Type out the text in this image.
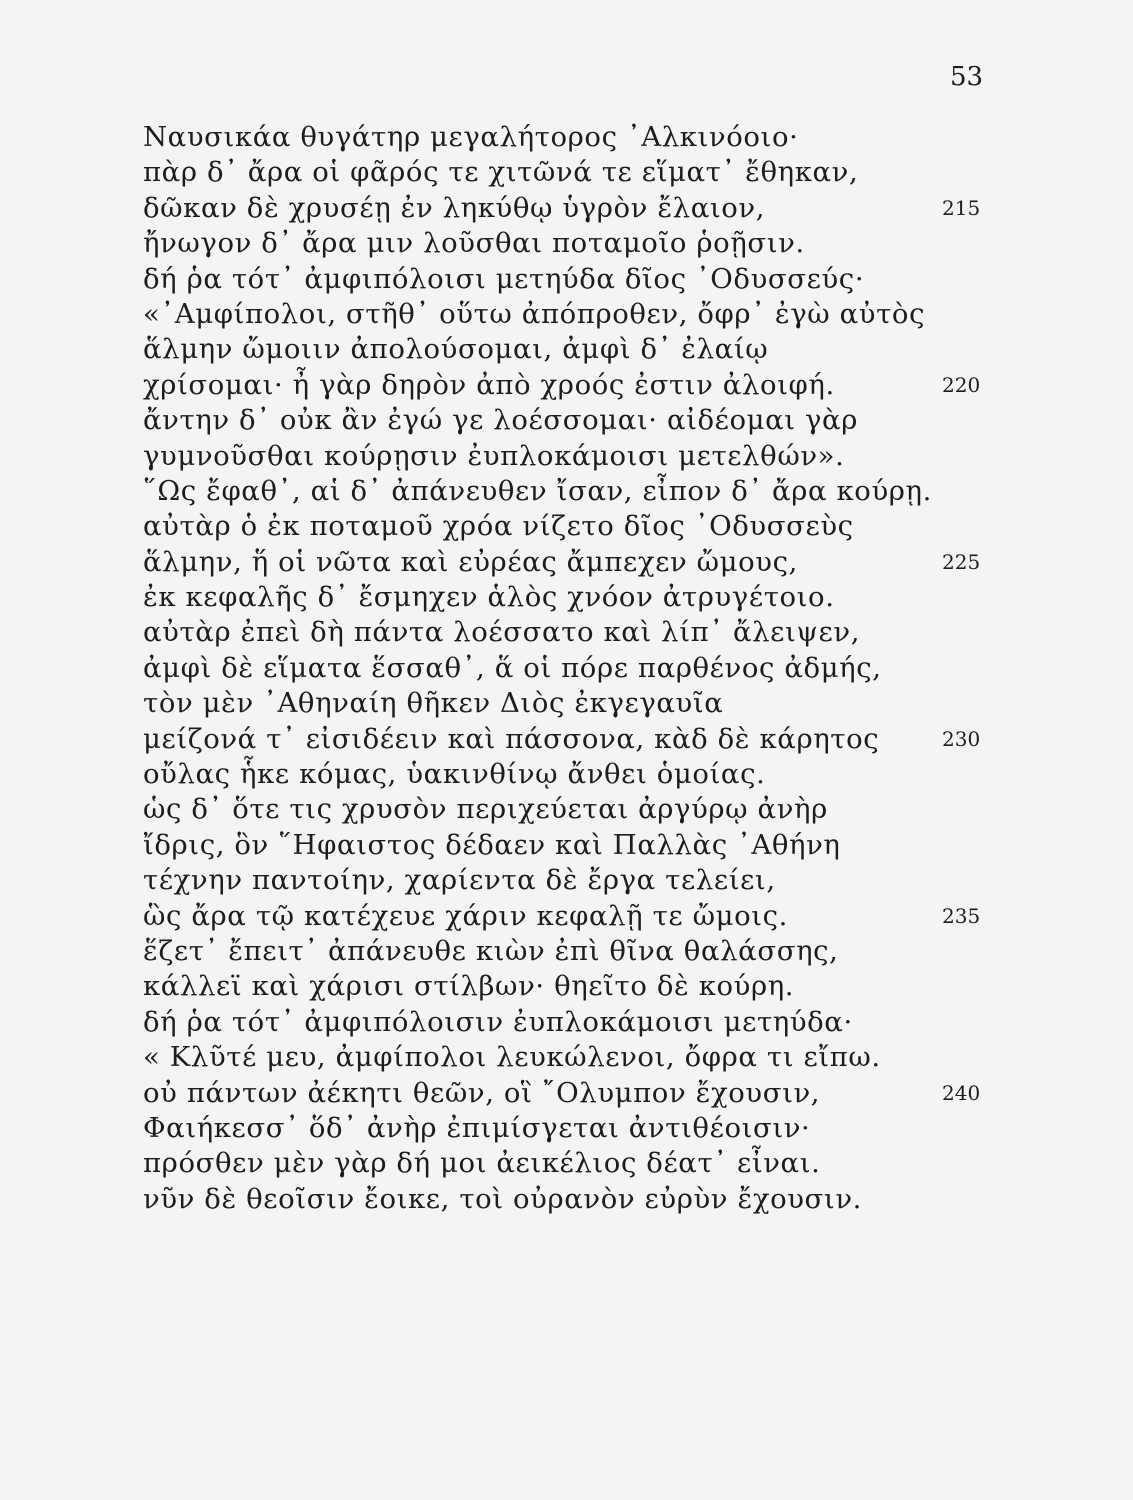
53
Ναυσικάα θυγάτηρ μεγαλήτορος ᾿Αλκινόοιο·
πὰρ δ᾿ ἄρα οἱ φᾶρός τε χιτῶνά τε εἵματ᾿ ἔθηκαν,
δῶκαν δὲ χρυσέῃ ἐν ληκύθῳ ὑγρὸν ἔλαιον,
ἤνωγον δ᾿ ἄρα μιν λοῦσθαι ποταμοῖο ῥοῇσιν.
δή ῥα τότ᾿ ἀμφιπόλοισι μετηύδα δῖος ᾿Οδυσσεύς·
«᾿Αμφίπολοι, στῆθ᾿ οὕτω ἀπόπροθεν, ὄφρ᾿ ἐγὼ αὐτὸς
ἅλμην ὤμοιιν ἀπολούσομαι, ἀμφὶ δ᾿ ἐλαίῳ
χρίσομαι· ἦ γὰρ δηρὸν ἀπὸ χροός ἐστιν ἀλοιφή.
ἄντην δ᾿ οὐκ ἂν ἐγώ γε λοέσσομαι· αἰδέομαι γὰρ
γυμνοῦσθαι κούρῃσιν ἐυπλοκάμοισι μετελθών».
῞Ως ἔφαθ᾿, αἱ δ᾿ ἀπάνευθεν ἴσαν, εἶπον δ᾿ ἄρα κούρῃ.
αὐτὰρ ὁ ἐκ ποταμοῦ χρόα νίζετο δῖος ᾿Οδυσσεὺς
ἅλμην, ἥ οἱ νῶτα καὶ εὐρέας ἄμπεχεν ὤμους,
ἐκ κεφαλῆς δ᾿ ἔσμηχεν ἁλὸς χνόον ἀτρυγέτοιο.
αὐτὰρ ἐπεὶ δὴ πάντα λοέσσατο καὶ λίπ᾿ ἄλειψεν,
ἀμφὶ δὲ εἵματα ἕσσαθ᾿, ἅ οἱ πόρε παρθένος ἀδμής,
τὸν μὲν ᾿Αθηναίη θῆκεν Διὸς ἐκγεγαυῖα
μείζονά τ᾿ εἰσιδέειν καὶ πάσσονα, κὰδ δὲ κάρητος
οὔλας ἧκε κόμας, ὑακινθίνῳ ἄνθει ὁμοίας.
ὡς δ᾿ ὅτε τις χρυσὸν περιχεύεται ἀργύρῳ ἀνὴρ
ἴδρις, ὃν ῞Ηφαιστος δέδαεν καὶ Παλλὰς ᾿Αθήνη
τέχνην παντοίην, χαρίεντα δὲ ἔργα τελείει,
ὣς ἄρα τῷ κατέχευε χάριν κεφαλῇ τε ὤμοις.
ἕζετ᾿ ἔπειτ᾿ ἀπάνευθε κιὼν ἐπὶ θῖνα θαλάσσης,
κάλλεϊ καὶ χάρισι στίλβων· θηεῖτο δὲ κούρη.
δή ῥα τότ᾿ ἀμφιπόλοισιν ἐυπλοκάμοισι μετηύδα·
« Κλῦτέ μευ, ἀμφίπολοι λευκώλενοι, ὄφρα τι εἴπω.
οὐ πάντων ἀέκητι θεῶν, οἳ ῎Ολυμπον ἔχουσιν,
Φαιήκεσσ᾿ ὅδ᾿ ἀνὴρ ἐπιμίσγεται ἀντιθέοισιν·
πρόσθεν μὲν γὰρ δή μοι ἀεικέλιος δέατ᾿ εἶναι.
νῦν δὲ θεοῖσιν ἔοικε, τοὶ οὐρανὸν εὐρὺν ἔχουσιν.
215
220
225
230
235
240
